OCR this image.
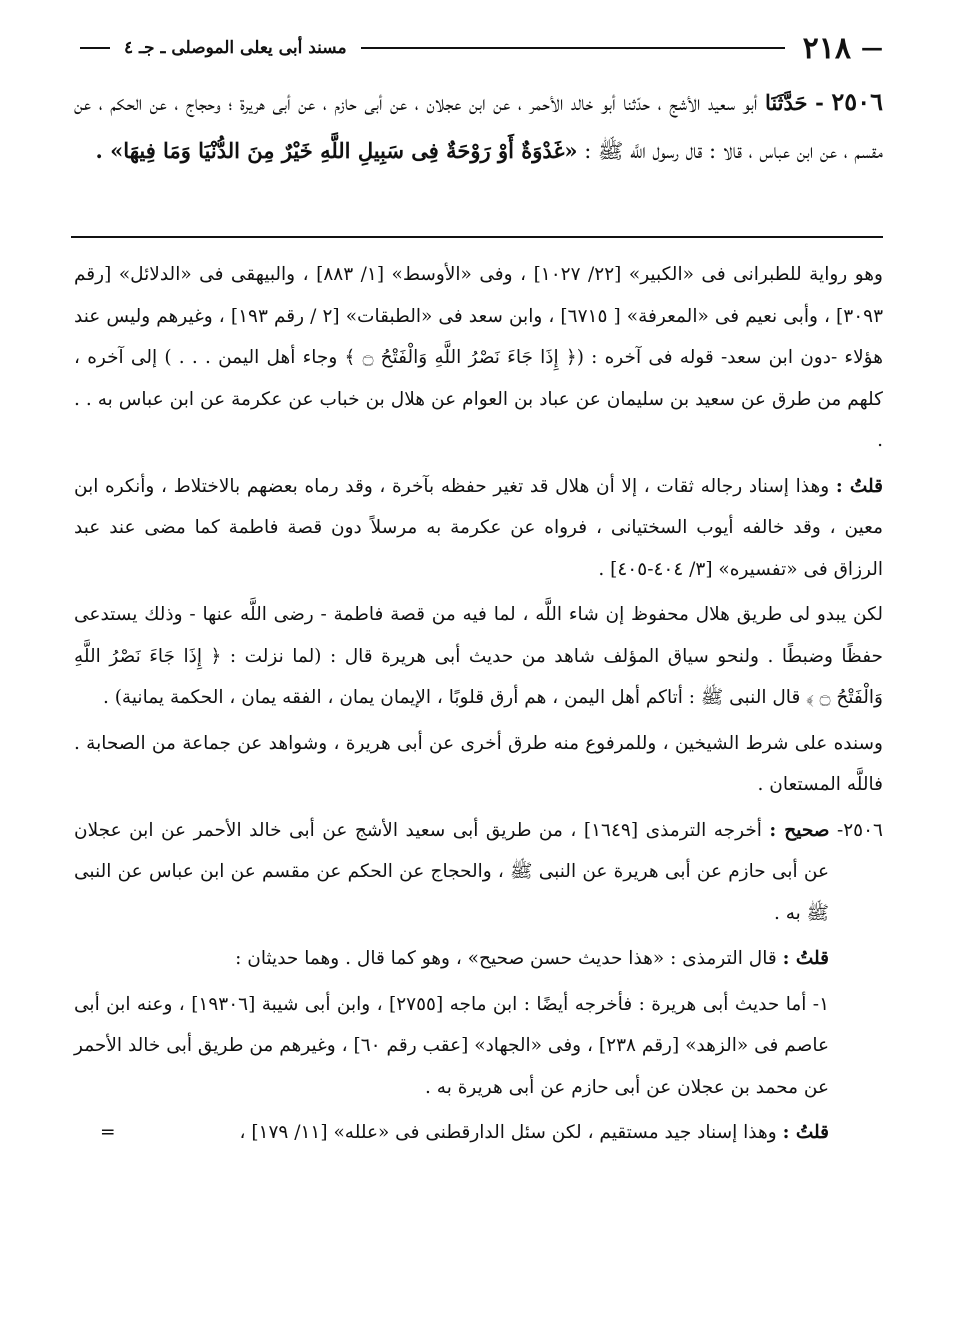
—
٢١٨
مسند أبى يعلى الموصلى ـ جـ ٤
٢٥٠٦ - حَدَّثَنَا أبو سعيد الأشج ، حدّثنا أبو خالد الأحمر ، عن ابن عجلان ، عن أبى حازم ، عن أبى هريرة ؛ وحجاج ، عن الحكم ، عن مقسم ، عن ابن عباس ، قالا : قال رسول اللَّه ﷺ : «غَدْوَةٌ أَوْ رَوْحَةٌ فِى سَبِيلِ اللَّهِ خَيْرٌ مِنَ الدُّنْيَا وَمَا فِيهَا» .

وهو رواية للطبرانى فى «الكبير» [٢٢/ ١٠٢٧] ، وفى «الأوسط» [١/ ٨٨٣] ، والبيهقى فى «الدلائل» [رقم ٣٠٩٣] ، وأبى نعيم فى «المعرفة» [ ٦٧١٥] ، وابن سعد فى «الطبقات» [٢ / رقم ١٩٣] ، وغيرهم وليس عند هؤلاء -دون ابن سعد- قوله فى آخره : (﴿ إِذَا جَاءَ نَصْرُ اللَّهِ وَالْفَتْحُ ۝ ﴾ وجاء أهل اليمن . . . ) إلى آخره ، كلهم من طرق عن سعيد بن سليمان عن عباد بن العوام عن هلال بن خباب عن عكرمة عن ابن عباس به . . .

قلتُ : وهذا إسناد رجاله ثقات ، إلا أن هلال قد تغير حفظه بآخرة ، وقد رماه بعضهم بالاختلاط ، وأنكره ابن معين ، وقد خالفه أيوب السختيانى ، فرواه عن عكرمة به مرسلاً دون قصة فاطمة كما مضى عند عبد الرزاق فى «تفسيره» [٣/ ٤٠٤-٤٠٥] .

لكن يبدو لى طريق هلال محفوظ إن شاء اللَّه ، لما فيه من قصة فاطمة - رضى اللَّه عنها - وذلك يستدعى حفظًا وضبطًا . ولنحو سياق المؤلف شاهد من حديث أبى هريرة قال : (لما نزلت : ﴿ إِذَا جَاءَ نَصْرُ اللَّهِ وَالْفَتْحُ ۝ ﴾ قال النبى ﷺ : أتاكم أهل اليمن ، هم أرق قلوبًا ، الإيمان يمان ، الفقه يمان ، الحكمة يمانية) .

وسنده على شرط الشيخين ، وللمرفوع منه طرق أخرى عن أبى هريرة ، وشواهد عن جماعة من الصحابة . فاللَّه المستعان .

٢٥٠٦- صحيح : أخرجه الترمذى [١٦٤٩] ، من طريق أبى سعيد الأشج عن أبى خالد الأحمر عن ابن عجلان عن أبى حازم عن أبى هريرة عن النبى ﷺ ، والحجاج عن الحكم عن مقسم عن ابن عباس عن النبى ﷺ به .

قلتُ : قال الترمذى : «هذا حديث حسن صحيح» ، وهو كما قال . وهما حديثان :

١- أما حديث أبى هريرة : فأخرجه أيضًا : ابن ماجه [٢٧٥٥] ، وابن أبى شيبة [١٩٣٠٦] ، وعنه ابن أبى عاصم فى «الزهد» [رقم ٢٣٨] ، وفى «الجهاد» [عقب رقم ٦٠] ، وغيرهم من طريق أبى خالد الأحمر عن محمد بن عجلان عن أبى حازم عن أبى هريرة به .

=	قلتُ : وهذا إسناد جيد مستقيم ، لكن سئل الدارقطنى فى «علله» [١١/ ١٧٩] ،
